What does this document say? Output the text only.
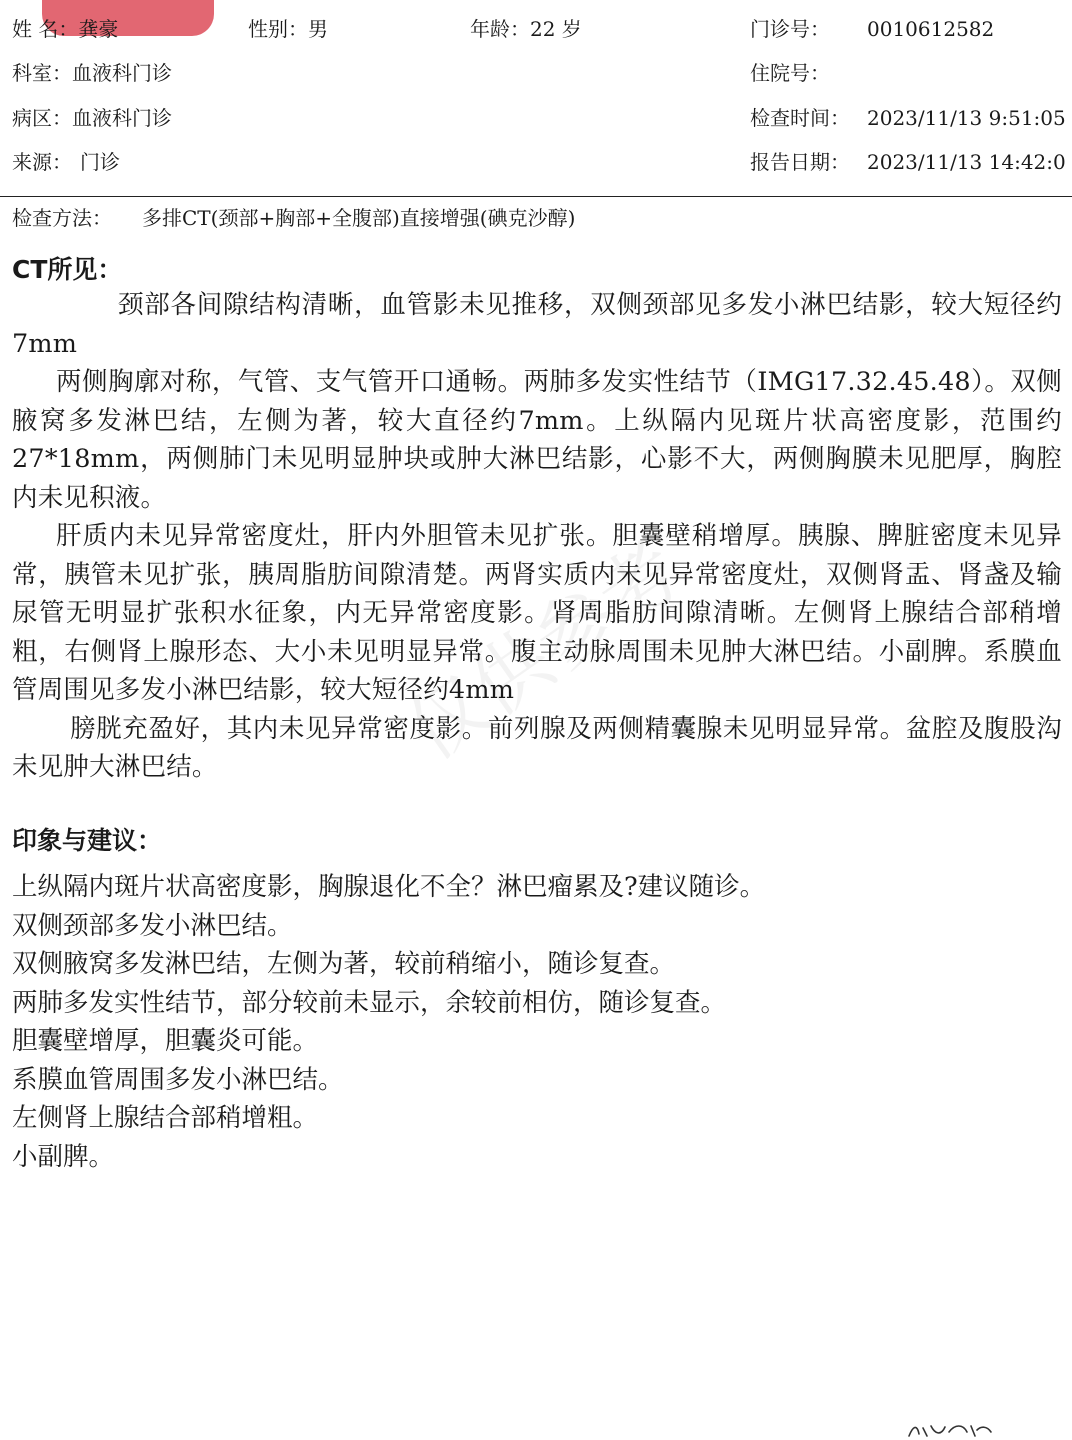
姓 名：龚豪	性别：男	年龄：22 岁	门诊号： 0010612582
科室：血液科门诊	住院号：
病区：血液科门诊	检查时间： 2023/11/13 9:51:05
来源： 门诊	报告日期： 2023/11/13 14:42:0
检查方法： 多排CT(颈部+胸部+全腹部)直接增强(碘克沙醇)
CT所见：

颈部各间隙结构清晰，血管影未见推移，双侧颈部见多发小淋巴结影，较大短径约7mm

两侧胸廓对称，气管、支气管开口通畅。两肺多发实性结节（IMG17.32.45.48）。双侧腋窝多发淋巴结，左侧为著，较大直径约7mm。上纵隔内见斑片状高密度影，范围约27*18mm，两侧肺门未见明显肿块或肿大淋巴结影，心影不大，两侧胸膜未见肥厚，胸腔内未见积液。

肝质内未见异常密度灶，肝内外胆管未见扩张。胆囊壁稍增厚。胰腺、脾脏密度未见异常，胰管未见扩张，胰周脂肪间隙清楚。两肾实质内未见异常密度灶，双侧肾盂、肾盏及输尿管无明显扩张积水征象，内无异常密度影。肾周脂肪间隙清晰。左侧肾上腺结合部稍增粗，右侧肾上腺形态、大小未见明显异常。腹主动脉周围未见肿大淋巴结。小副脾。系膜血管周围见多发小淋巴结影，较大短径约4mm

膀胱充盈好，其内未见异常密度影。前列腺及两侧精囊腺未见明显异常。盆腔及腹股沟未见肿大淋巴结。

印象与建议：
上纵隔内斑片状高密度影，胸腺退化不全？淋巴瘤累及?建议随诊。
双侧颈部多发小淋巴结。
双侧腋窝多发淋巴结，左侧为著，较前稍缩小，随诊复查。
两肺多发实性结节，部分较前未显示，余较前相仿，随诊复查。
胆囊壁增厚，胆囊炎可能。
系膜血管周围多发小淋巴结。
左侧肾上腺结合部稍增粗。
小副脾。
